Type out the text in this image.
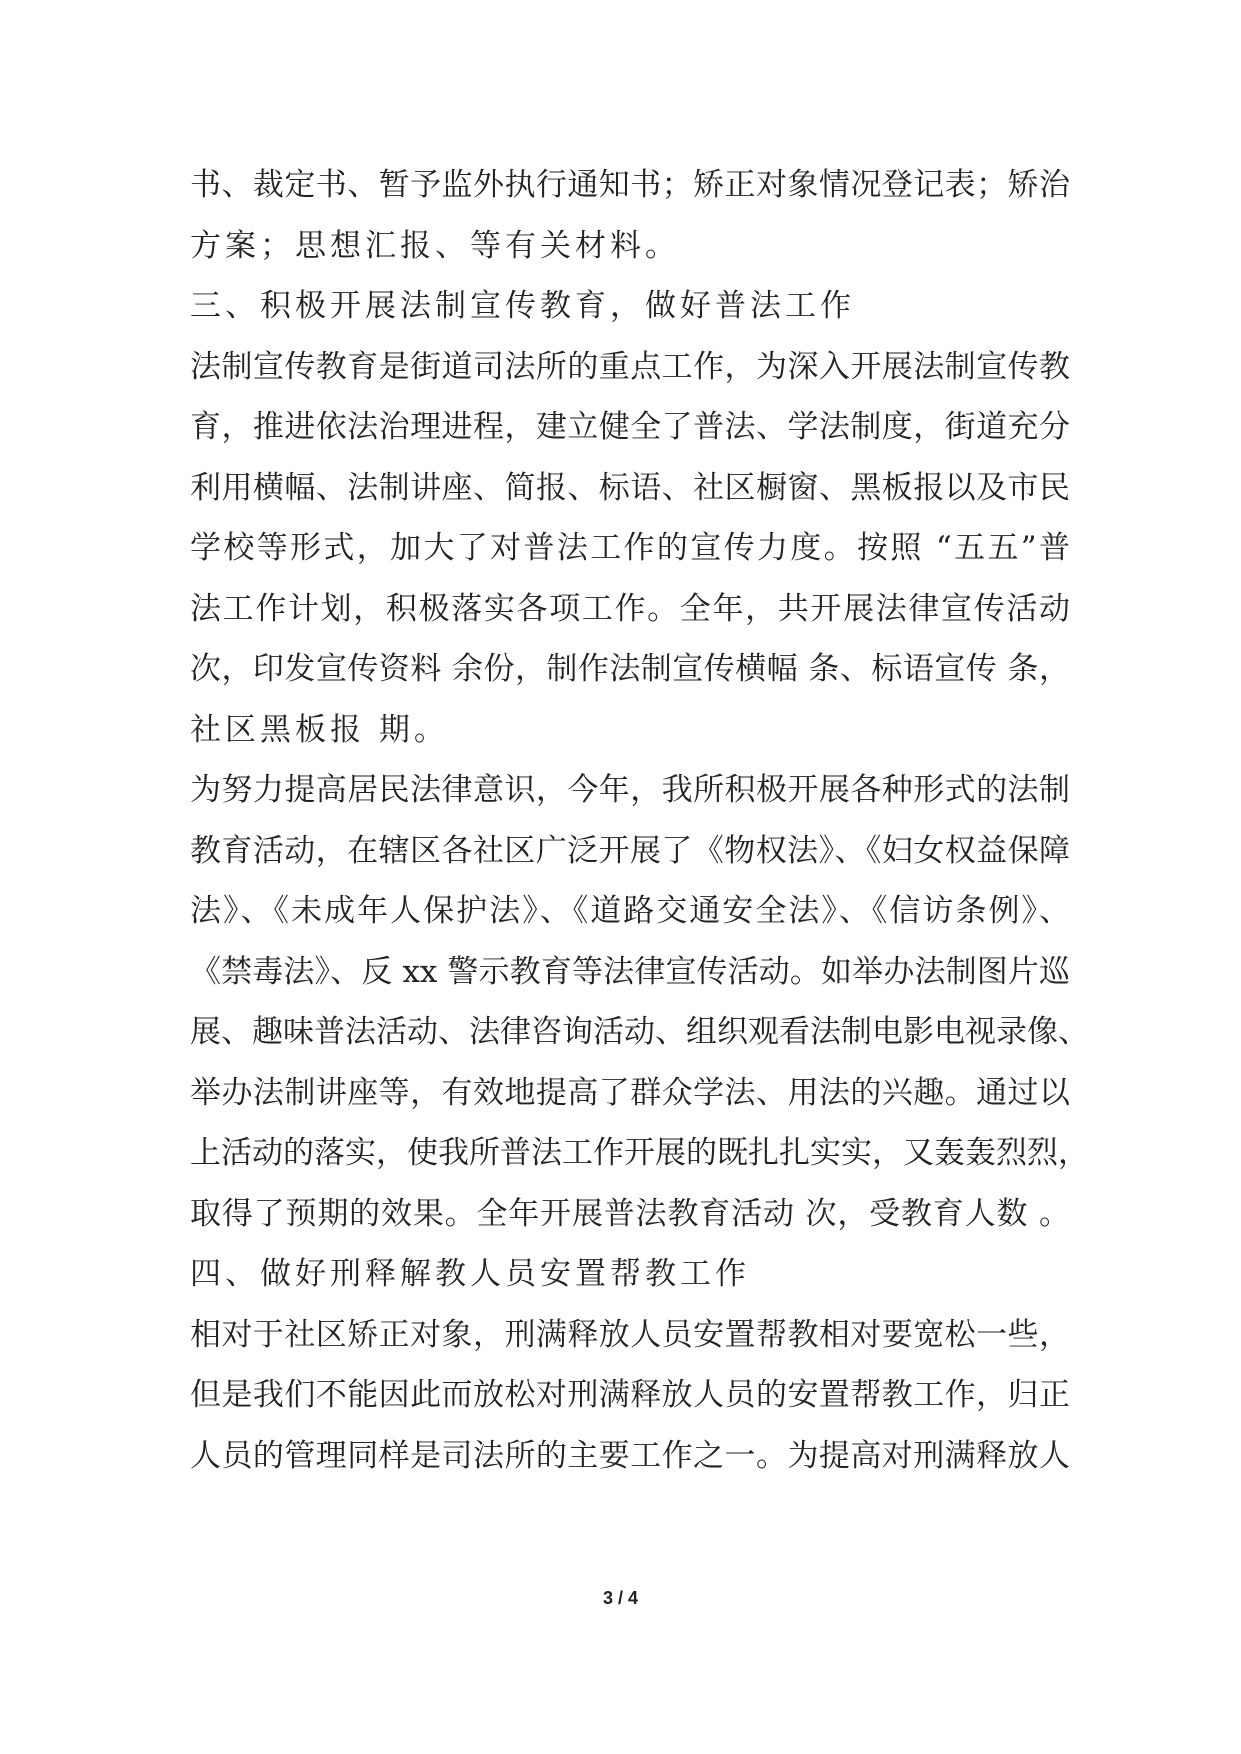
书、裁定书、暂予监外执行通知书；矫正对象情况登记表；矫治
方案；思想汇报、等有关材料。
三、积极开展法制宣传教育，做好普法工作
法制宣传教育是街道司法所的重点工作，为深入开展法制宣传教
育，推进依法治理进程，建立健全了普法、学法制度，街道充分
利用横幅、法制讲座、简报、标语、社区橱窗、黑板报以及市民
学校等形式，加大了对普法工作的宣传力度。按照 “五五”普
法工作计划，积极落实各项工作。全年，共开展法律宣传活动
次，印发宣传资料 余份，制作法制宣传横幅 条、标语宣传 条，
社区黑板报 期。
为努力提高居民法律意识，今年，我所积极开展各种形式的法制
教育活动，在辖区各社区广泛开展了《物权法》、《妇女权益保障
法》、《未成年人保护法》、《道路交通安全法》、《信访条例》、
《禁毒法》、反 xx 警示教育等法律宣传活动。如举办法制图片巡
展、趣味普法活动、法律咨询活动、组织观看法制电影电视录像、
举办法制讲座等，有效地提高了群众学法、用法的兴趣。通过以
上活动的落实，使我所普法工作开展的既扎扎实实，又轰轰烈烈，
取得了预期的效果。全年开展普法教育活动 次，受教育人数 。
四、做好刑释解教人员安置帮教工作
相对于社区矫正对象，刑满释放人员安置帮教相对要宽松一些，
但是我们不能因此而放松对刑满释放人员的安置帮教工作，归正
人员的管理同样是司法所的主要工作之一。为提高对刑满释放人
3 / 4
